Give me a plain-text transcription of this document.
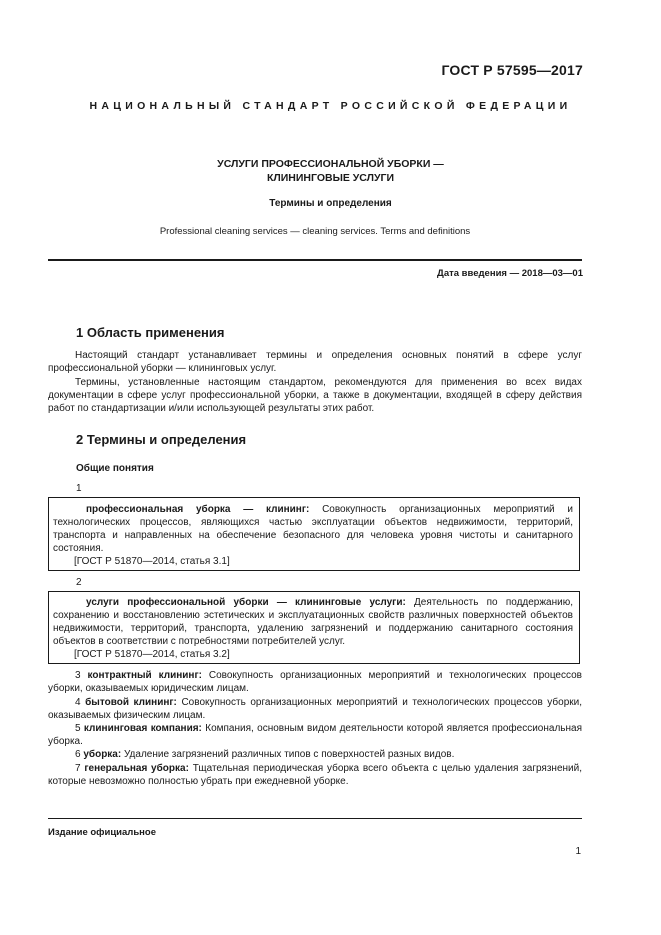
ГОСТ Р 57595—2017
НАЦИОНАЛЬНЫЙ СТАНДАРТ РОССИЙСКОЙ ФЕДЕРАЦИИ
УСЛУГИ ПРОФЕССИОНАЛЬНОЙ УБОРКИ —
КЛИНИНГОВЫЕ УСЛУГИ
Термины и определения
Professional cleaning services — cleaning services. Terms and definitions
Дата введения — 2018—03—01
1 Область применения
Настоящий стандарт устанавливает термины и определения основных понятий в сфере услуг профессиональной уборки — клининговых услуг.
Термины, установленные настоящим стандартом, рекомендуются для применения во всех видах документации в сфере услуг профессиональной уборки, а также в документации, входящей в сферу действия работ по стандартизации и/или использующей результаты этих работ.
2 Термины и определения
Общие понятия
1
профессиональная уборка — клининг: Совокупность организационных мероприятий и технологических процессов, являющихся частью эксплуатации объектов недвижимости, территорий, транспорта и направленных на обеспечение безопасного для человека уровня чистоты и санитарного состояния.
[ГОСТ Р 51870—2014, статья 3.1]
2
услуги профессиональной уборки — клининговые услуги: Деятельность по поддержанию, сохранению и восстановлению эстетических и эксплуатационных свойств различных поверхностей объектов недвижимости, территорий, транспорта, удалению загрязнений и поддержанию санитарного состояния объектов в соответствии с потребностями потребителей услуг.
[ГОСТ Р 51870—2014, статья 3.2]
3 контрактный клининг: Совокупность организационных мероприятий и технологических процессов уборки, оказываемых юридическим лицам.
4 бытовой клининг: Совокупность организационных мероприятий и технологических процессов уборки, оказываемых физическим лицам.
5 клининговая компания: Компания, основным видом деятельности которой является профессиональная уборка.
6 уборка: Удаление загрязнений различных типов с поверхностей разных видов.
7 генеральная уборка: Тщательная периодическая уборка всего объекта с целью удаления загрязнений, которые невозможно полностью убрать при ежедневной уборке.
Издание официальное
1
